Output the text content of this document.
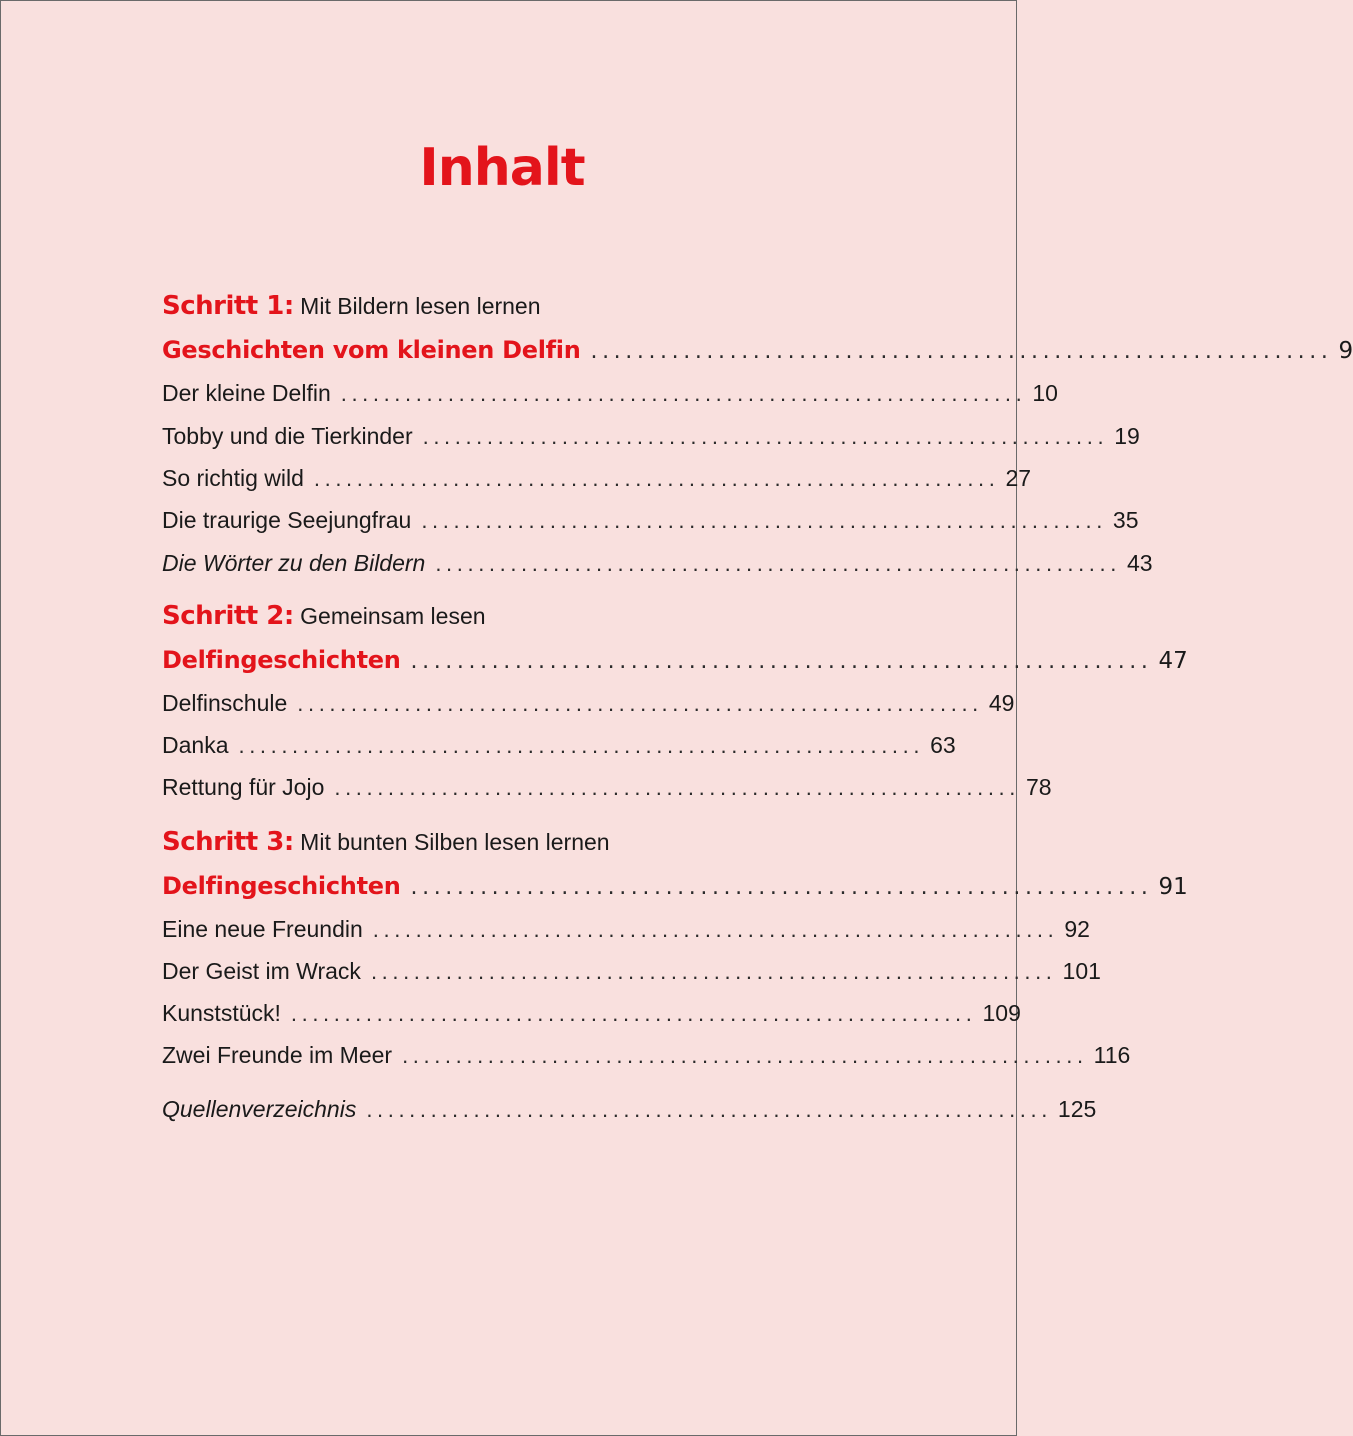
Inhalt
Schritt 1: Mit Bildern lesen lernen
Geschichten vom kleinen Delfin ................................................................ 9
Der kleine Delfin ................................................................ 10
Tobby und die Tierkinder ................................................................ 19
So richtig wild ................................................................ 27
Die traurige Seejungfrau ................................................................ 35
Die Wörter zu den Bildern ................................................................ 43
Schritt 2: Gemeinsam lesen
Delfingeschichten ................................................................ 47
Delfinschule ................................................................ 49
Danka ................................................................ 63
Rettung für Jojo ................................................................ 78
Schritt 3: Mit bunten Silben lesen lernen
Delfingeschichten ................................................................ 91
Eine neue Freundin ................................................................ 92
Der Geist im Wrack ................................................................ 101
Kunststück! ................................................................ 109
Zwei Freunde im Meer ................................................................ 116
Quellenverzeichnis ................................................................ 125
